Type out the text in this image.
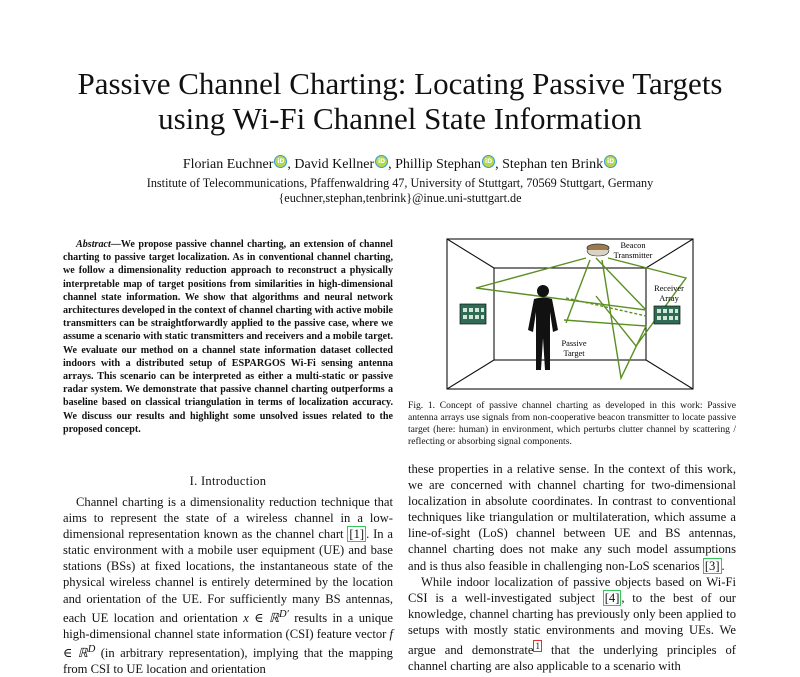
Passive Channel Charting: Locating Passive Targets
using Wi-Fi Channel State Information
Florian Euchner iD , David Kellner iD , Phillip Stephan iD , Stephan ten Brink iD
Institute of Telecommunications, Pfaffenwaldring 47, University of Stuttgart, 70569 Stuttgart, Germany
{euchner,stephan,tenbrink}@inue.uni-stuttgart.de
Abstract—We propose passive channel charting, an extension of channel charting to passive target localization. As in conventional channel charting, we follow a dimensionality reduction approach to reconstruct a physically interpretable map of target positions from similarities in high-dimensional channel state information. We show that algorithms and neural network architectures developed in the context of channel charting with active mobile transmitters can be straightforwardly applied to the passive case, where we assume a scenario with static transmitters and receivers and a mobile target. We evaluate our method on a channel state information dataset collected indoors with a distributed setup of ESPARGOS Wi-Fi sensing antenna arrays. This scenario can be interpreted as either a multi-static or passive radar system. We demonstrate that passive channel charting outperforms a baseline based on classical triangulation in terms of localization accuracy. We discuss our results and highlight some unsolved issues related to the proposed concept.
I. Introduction

Channel charting is a dimensionality reduction technique that aims to represent the state of a wireless channel in a low-dimensional representation known as the channel chart [1] . In a static environment with a mobile user equipment (UE) and base stations (BSs) at fixed locations, the instantaneous state of the physical wireless channel is entirely determined by the location and orientation of the UE. For sufficiently many BS antennas, each UE location and orientation x ∈ ℝ$^{D'}$ results in a unique high-dimensional channel state information (CSI) feature vector f ∈ ℝ$^D$ (in arbitrary representation), implying that the mapping from CSI to UE location and orientation

these properties in a relative sense. In the context of this work, we are concerned with channel charting for two-dimensional localization in absolute coordinates. In contrast to conventional techniques like triangulation or multilateration, which assume a line-of-sight (LoS) channel between UE and BS antennas, channel charting does not make any such model assumptions and is thus also feasible in challenging non-LoS scenarios [3] .

While indoor localization of passive objects based on Wi-Fi CSI is a well-investigated subject [4] , to the best of our knowledge, channel charting has previously only been applied to setups with mostly static environments and moving UEs. We argue and demonstrate $^1$ that the underlying principles of channel charting are also applicable to a scenario with

Beacon
Transmitter
Receiver
Array
Passive
Target
Fig. 1. Concept of passive channel charting as developed in this work: Passive antenna arrays use signals from non-cooperative beacon transmitter to locate passive target (here: human) in environment, which perturbs clutter channel by scattering / reflecting or absorbing signal components.
